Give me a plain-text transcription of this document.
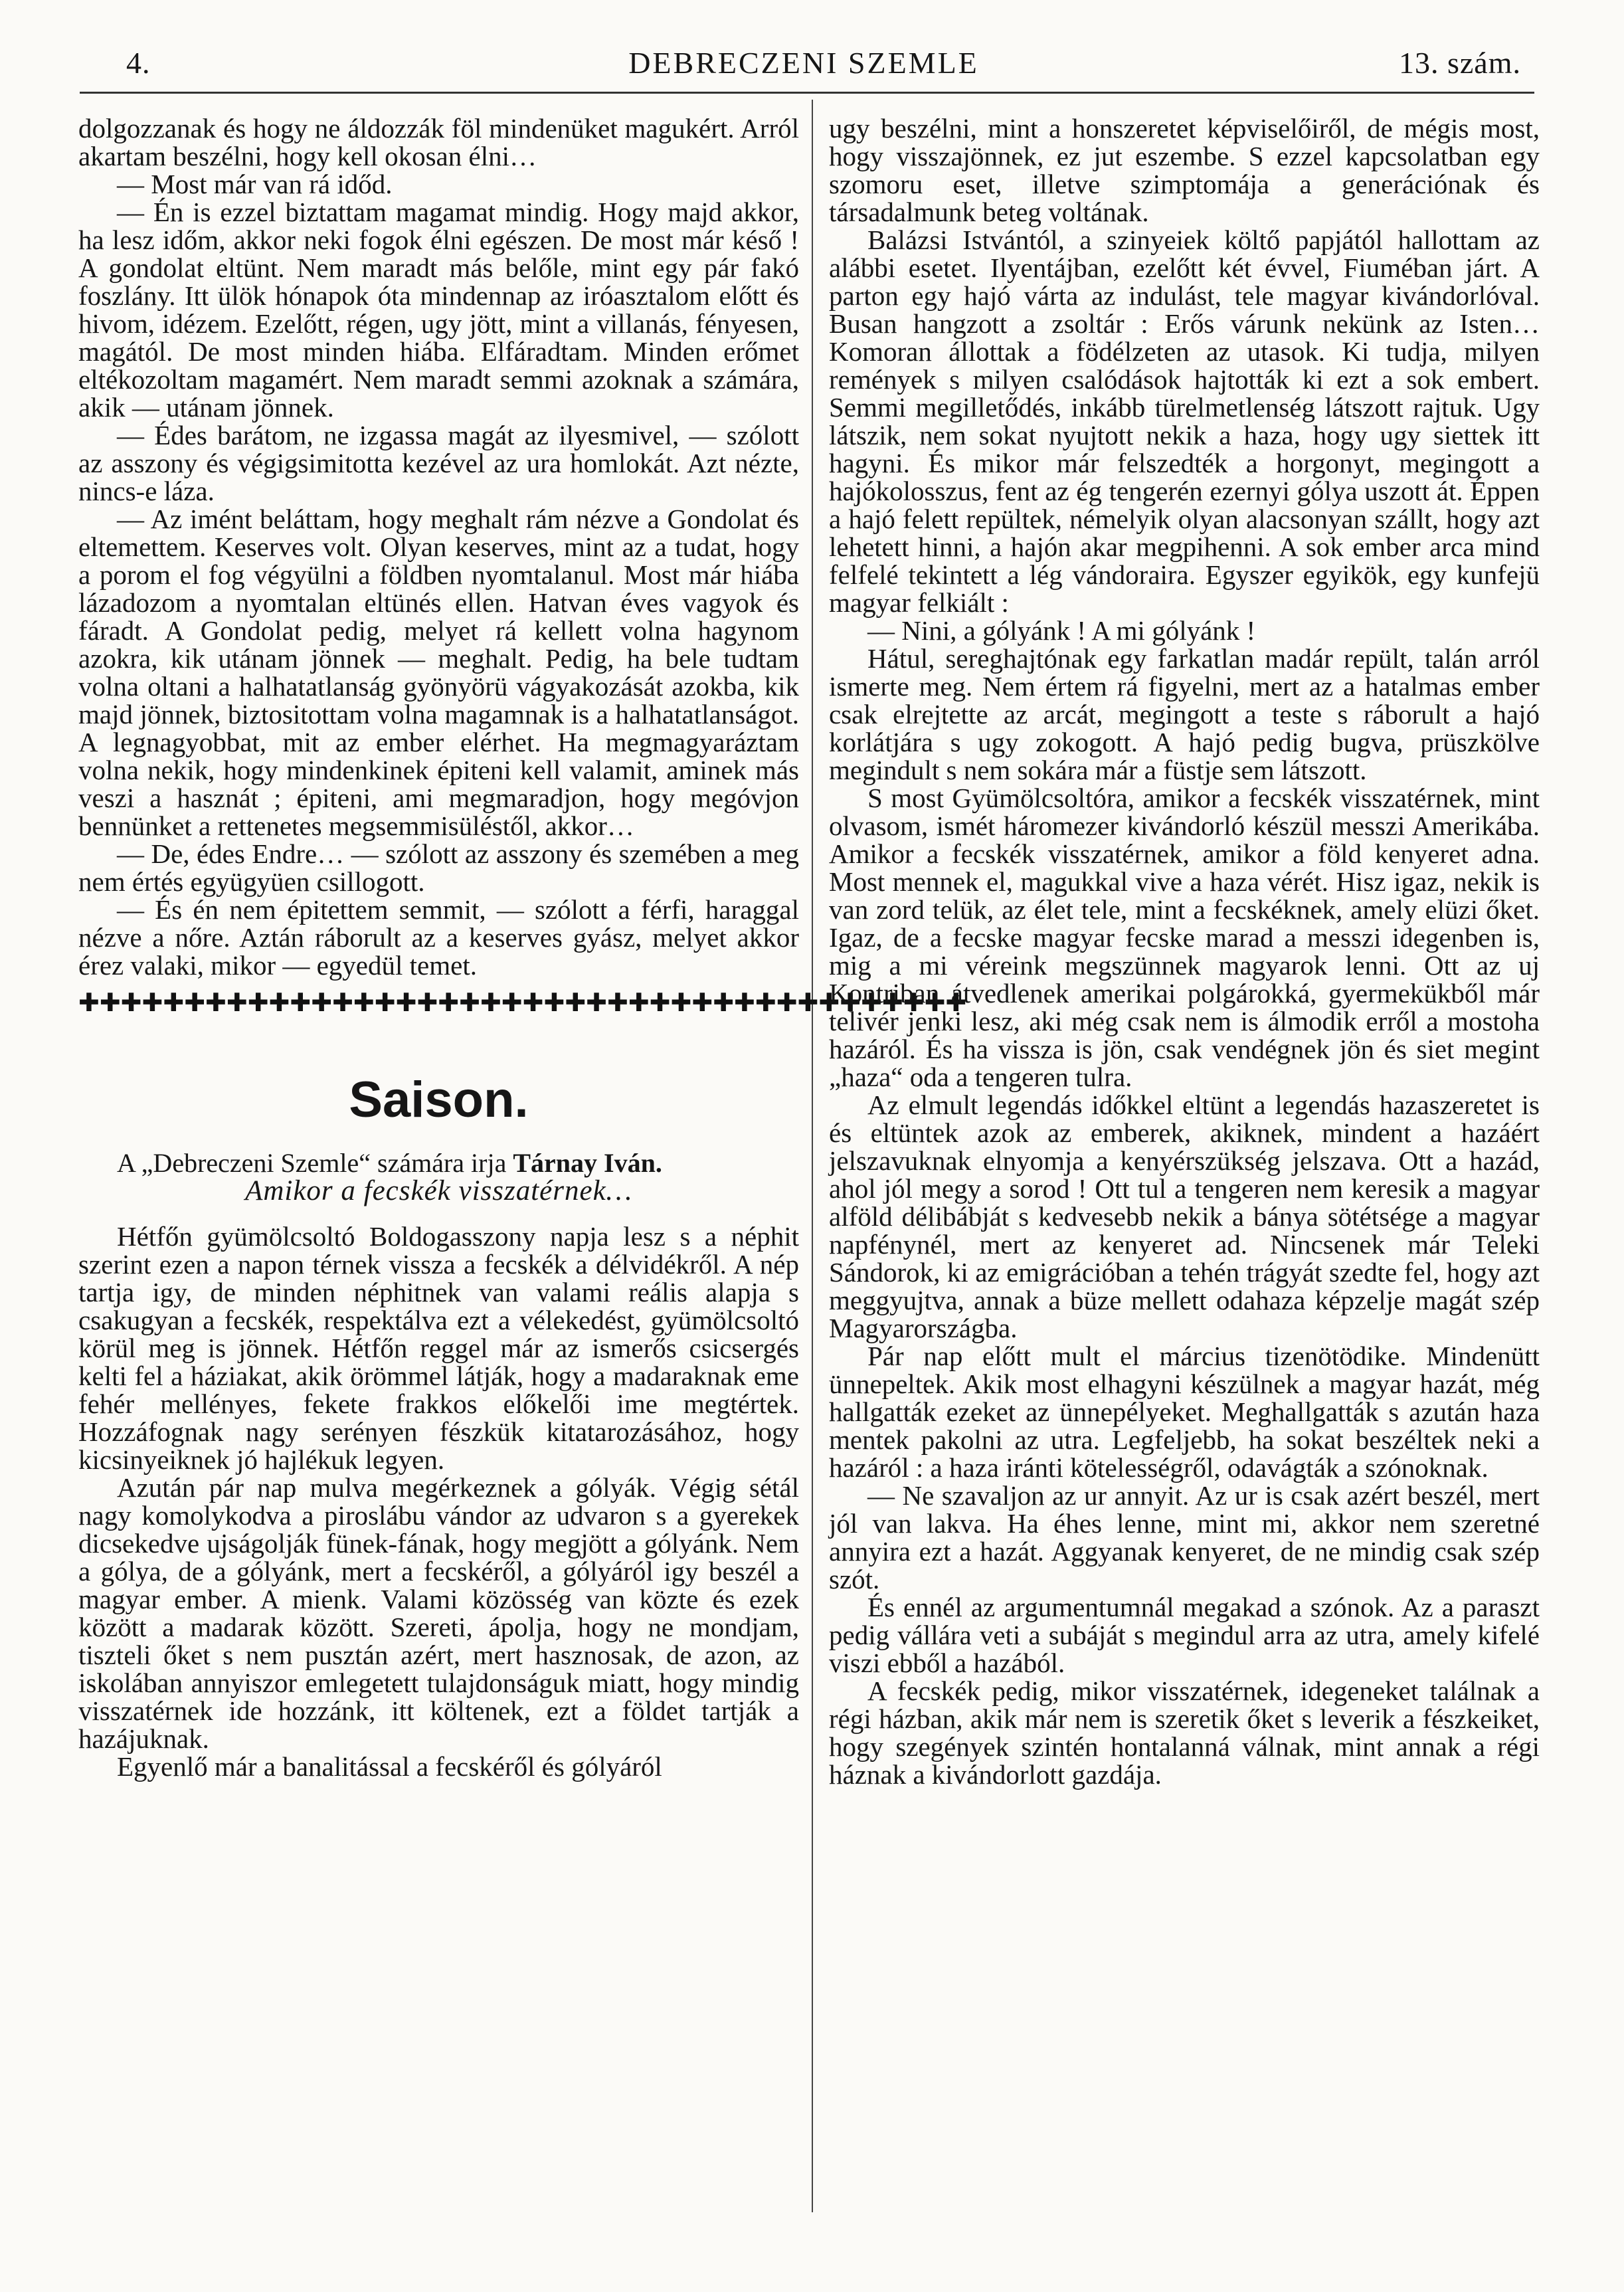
4.	DEBRECZENI SZEMLE	13. szám.

dolgozzanak és hogy ne áldozzák föl mindenüket magukért. Arról akartam beszélni, hogy kell okosan élni…

— Most már van rá időd.

— Én is ezzel biztattam magamat mindig. Hogy majd akkor, ha lesz időm, akkor neki fogok élni egészen. De most már késő ! A gondolat eltünt. Nem maradt más belőle, mint egy pár fakó foszlány. Itt ülök hónapok óta mindennap az iróasztalom előtt és hivom, idézem. Ezelőtt, régen, ugy jött, mint a villanás, fényesen, magától. De most minden hiába. Elfáradtam. Minden erőmet eltékozoltam magamért. Nem maradt semmi azoknak a számára, akik — utánam jönnek.

— Édes barátom, ne izgassa magát az ilyesmivel, — szólott az asszony és végigsimitotta kezével az ura homlokát. Azt nézte, nincs-e láza.

— Az imént beláttam, hogy meghalt rám nézve a Gondolat és eltemettem. Keserves volt. Olyan keserves, mint az a tudat, hogy a porom el fog végyülni a földben nyomtalanul. Most már hiába lázadozom a nyomtalan eltünés ellen. Hatvan éves vagyok és fáradt. A Gondolat pedig, melyet rá kellett volna hagynom azokra, kik utánam jönnek — meghalt. Pedig, ha bele tudtam volna oltani a halhatatlanság gyönyörü vágyakozását azokba, kik majd jönnek, biztositottam volna magamnak is a halhatatlanságot. A legnagyobbat, mit az ember elérhet. Ha megmagyaráztam volna nekik, hogy mindenkinek épiteni kell valamit, aminek más veszi a hasznát ; épiteni, ami megmaradjon, hogy megóvjon bennünket a rettenetes megsemmisüléstől, akkor…

— De, édes Endre… — szólott az asszony és szemében a meg nem értés együgyüen csillogott.

— És én nem épitettem semmit, — szólott a férfi, haraggal nézve a nőre. Aztán ráborult az a keserves gyász, melyet akkor érez valaki, mikor — egyedül temet.

✚✚✚✚✚✚✚✚✚✚✚✚✚✚✚✚✚✚✚✚✚✚✚✚✚✚✚✚✚✚✚✚✚✚✚✚✚✚✚✚✚✚
Saison.

A „Debreczeni Szemle“ számára irja Tárnay Iván.

Amikor a fecskék visszatérnek…

Hétfőn gyümölcsoltó Boldogasszony napja lesz s a néphit szerint ezen a napon térnek vissza a fecskék a délvidékről. A nép tartja igy, de minden néphitnek van valami reális alapja s csakugyan a fecskék, respektálva ezt a vélekedést, gyümölcsoltó körül meg is jönnek. Hétfőn reggel már az ismerős csicsergés kelti fel a háziakat, akik örömmel látják, hogy a madaraknak eme fehér mellényes, fekete frakkos előkelői ime megtértek. Hozzáfognak nagy serényen fészkük kitatarozásához, hogy kicsinyeiknek jó hajlékuk legyen.

Azután pár nap mulva megérkeznek a gólyák. Végig sétál nagy komolykodva a piroslábu vándor az udvaron s a gyerekek dicsekedve ujságolják fünek-fának, hogy megjött a gólyánk. Nem a gólya, de a gólyánk, mert a fecskéről, a gólyáról igy beszél a magyar ember. A mienk. Valami közösség van közte és ezek között a madarak között. Szereti, ápolja, hogy ne mondjam, tiszteli őket s nem pusztán azért, mert hasznosak, de azon, az iskolában annyiszor emlegetett tulajdonságuk miatt, hogy mindig visszatérnek ide hozzánk, itt költenek, ezt a földet tartják a hazájuknak.

Egyenlő már a banalitással a fecskéről és gólyáról

ugy beszélni, mint a honszeretet képviselőiről, de mégis most, hogy visszajönnek, ez jut eszembe. S ezzel kapcsolatban egy szomoru eset, illetve szimptomája a generációnak és társadalmunk beteg voltának.

Balázsi Istvántól, a szinyeiek költő papjától hallottam az alábbi esetet. Ilyentájban, ezelőtt két évvel, Fiuméban járt. A parton egy hajó várta az indulást, tele magyar kivándorlóval. Busan hangzott a zsoltár : Erős várunk nekünk az Isten… Komoran állottak a födélzeten az utasok. Ki tudja, milyen remények s milyen csalódások hajtották ki ezt a sok embert. Semmi megilletődés, inkább türelmetlenség látszott rajtuk. Ugy látszik, nem sokat nyujtott nekik a haza, hogy ugy siettek itt hagyni. És mikor már felszedték a horgonyt, megingott a hajókolosszus, fent az ég tengerén ezernyi gólya uszott át. Éppen a hajó felett repültek, némelyik olyan alacsonyan szállt, hogy azt lehetett hinni, a hajón akar megpihenni. A sok ember arca mind felfelé tekintett a lég vándoraira. Egyszer egyikök, egy kunfejü magyar felkiált :

— Nini, a gólyánk ! A mi gólyánk !

Hátul, sereghajtónak egy farkatlan madár repült, talán arról ismerte meg. Nem értem rá figyelni, mert az a hatalmas ember csak elrejtette az arcát, megingott a teste s ráborult a hajó korlátjára s ugy zokogott. A hajó pedig bugva, prüszkölve megindult s nem sokára már a füstje sem látszott.

S most Gyümölcsoltóra, amikor a fecskék visszatérnek, mint olvasom, ismét háromezer kivándorló készül messzi Amerikába. Amikor a fecskék visszatérnek, amikor a föld kenyeret adna. Most mennek el, magukkal vive a haza vérét. Hisz igaz, nekik is van zord telük, az élet tele, mint a fecskéknek, amely elüzi őket. Igaz, de a fecske magyar fecske marad a messzi idegenben is, mig a mi véreink megszünnek magyarok lenni. Ott az uj Kontriban átvedlenek amerikai polgárokká, gyermekükből már telivér jenki lesz, aki még csak nem is álmodik erről a mostoha hazáról. És ha vissza is jön, csak vendégnek jön és siet megint „haza“ oda a tengeren tulra.

Az elmult legendás időkkel eltünt a legendás hazaszeretet is és eltüntek azok az emberek, akiknek, mindent a hazáért jelszavuknak elnyomja a kenyérszükség jelszava. Ott a hazád, ahol jól megy a sorod ! Ott tul a tengeren nem keresik a magyar alföld délibábját s kedvesebb nekik a bánya sötétsége a magyar napfénynél, mert az kenyeret ad. Nincsenek már Teleki Sándorok, ki az emigrációban a tehén trágyát szedte fel, hogy azt meggyujtva, annak a büze mellett odahaza képzelje magát szép Magyarországba.

Pár nap előtt mult el március tizenötödike. Mindenütt ünnepeltek. Akik most elhagyni készülnek a magyar hazát, még hallgatták ezeket az ünnepélyeket. Meghallgatták s azután haza mentek pakolni az utra. Legfeljebb, ha sokat beszéltek neki a hazáról : a haza iránti kötelességről, odavágták a szónoknak.

— Ne szavaljon az ur annyit. Az ur is csak azért beszél, mert jól van lakva. Ha éhes lenne, mint mi, akkor nem szeretné annyira ezt a hazát. Aggyanak kenyeret, de ne mindig csak szép szót.

És ennél az argumentumnál megakad a szónok. Az a paraszt pedig vállára veti a subáját s megindul arra az utra, amely kifelé viszi ebből a hazából.

A fecskék pedig, mikor visszatérnek, idegeneket találnak a régi házban, akik már nem is szeretik őket s leverik a fészkeiket, hogy szegények szintén hontalanná válnak, mint annak a régi háznak a kivándorlott gazdája.
